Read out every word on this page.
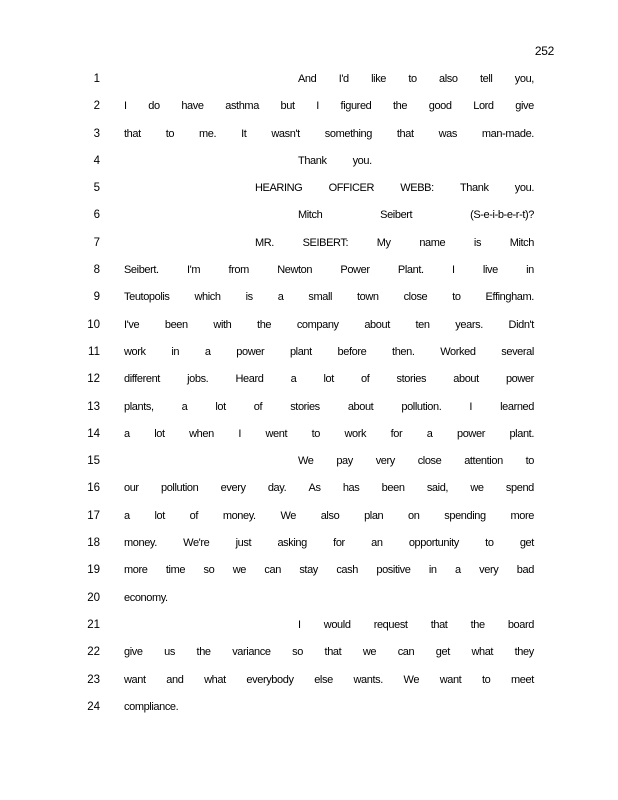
252
1	And I'd like to also tell you,
2 I do have asthma but I figured the good Lord give
3 that to me. It wasn't something that was man-made.
4	Thank you.
5	HEARING OFFICER WEBB: Thank you.
6	Mitch	Seibert	(S-e-i-b-e-r-t)?
7	MR.	SEIBERT:	My	name	is	Mitch
8 Seibert.	I'm	from	Newton	Power	Plant.	I	live	in
9 Teutopolis which is a small town close to Effingham.
10 I've been with the company about ten years. Didn't
11 work in a power plant before then. Worked several
12 different jobs. Heard a lot of stories about power
13 plants,	a	lot	of	stories	about	pollution.	I	learned
14 a lot when I went to work for a power plant.
15	We pay very close attention to
16 our pollution every day. As has been said, we spend
17 a lot of money. We also plan on spending more
18 money. We're just asking for an opportunity to get
19 more time so we can stay cash positive in a very bad
20 economy.
21	I would request that the board
22 give us the variance so that we can get what they
23 want and what everybody else wants. We want to meet
24 compliance.
